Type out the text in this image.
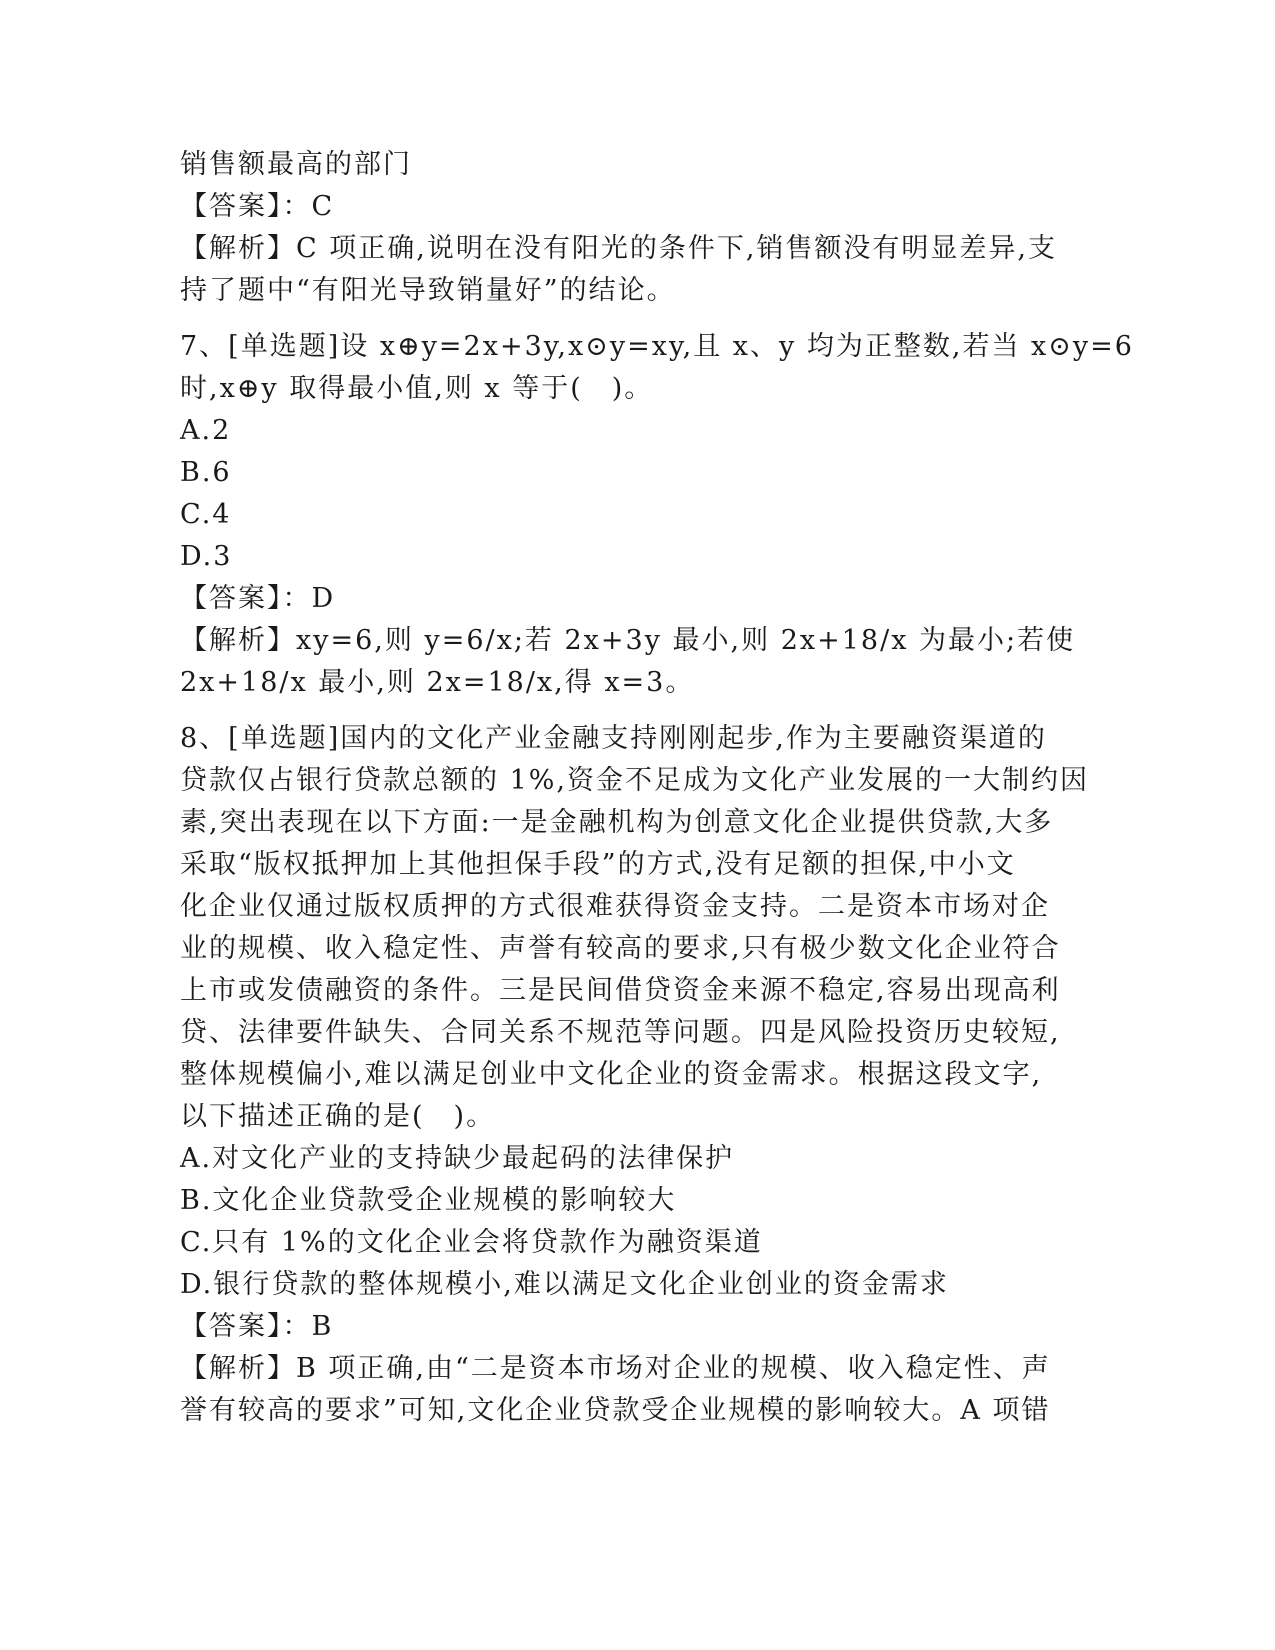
销售额最高的部门
【答案】：C
【解析】C 项正确,说明在没有阳光的条件下,销售额没有明显差异,支
持了题中“有阳光导致销量好”的结论。
7、[单选题]设 x⊕y=2x+3y,x⊙y=xy,且 x、y 均为正整数,若当 x⊙y=6
时,x⊕y 取得最小值,则 x 等于(　)。
A.2
B.6
C.4
D.3
【答案】：D
【解析】xy=6,则 y=6/x;若 2x+3y 最小,则 2x+18/x 为最小;若使
2x+18/x 最小,则 2x=18/x,得 x=3。
8、[单选题]国内的文化产业金融支持刚刚起步,作为主要融资渠道的
贷款仅占银行贷款总额的 1%,资金不足成为文化产业发展的一大制约因
素,突出表现在以下方面:一是金融机构为创意文化企业提供贷款,大多
采取“版权抵押加上其他担保手段”的方式,没有足额的担保,中小文
化企业仅通过版权质押的方式很难获得资金支持。二是资本市场对企
业的规模、收入稳定性、声誉有较高的要求,只有极少数文化企业符合
上市或发债融资的条件。三是民间借贷资金来源不稳定,容易出现高利
贷、法律要件缺失、合同关系不规范等问题。四是风险投资历史较短,
整体规模偏小,难以满足创业中文化企业的资金需求。根据这段文字,
以下描述正确的是(　)。
A.对文化产业的支持缺少最起码的法律保护
B.文化企业贷款受企业规模的影响较大
C.只有 1%的文化企业会将贷款作为融资渠道
D.银行贷款的整体规模小,难以满足文化企业创业的资金需求
【答案】：B
【解析】B 项正确,由“二是资本市场对企业的规模、收入稳定性、声
誉有较高的要求”可知,文化企业贷款受企业规模的影响较大。A 项错
